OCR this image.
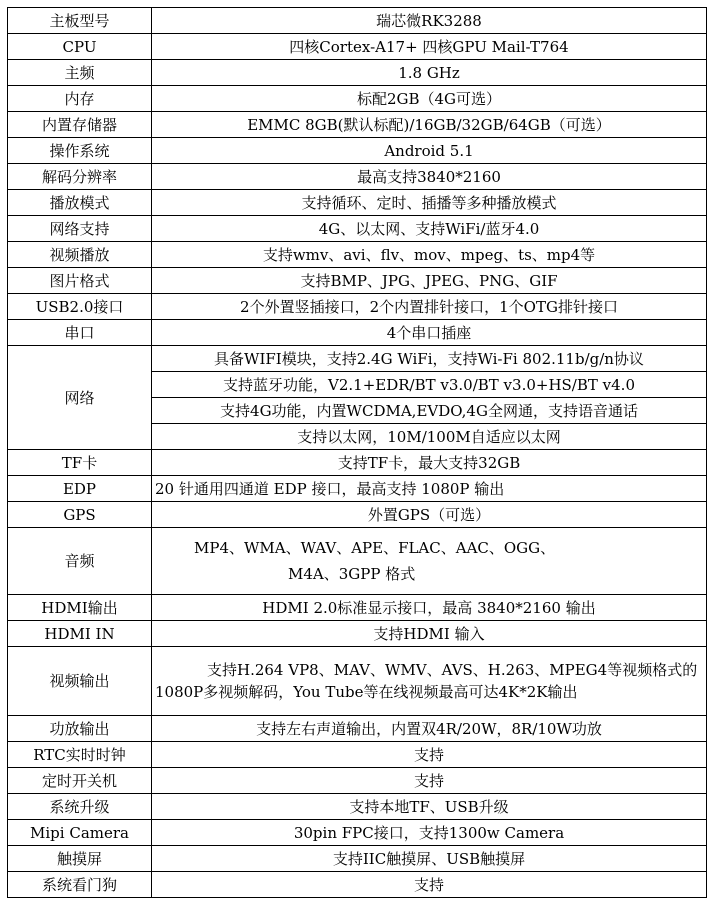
主板型号	瑞芯微RK3288
CPU	四核Cortex-A17+ 四核GPU Mail-T764
主频	1.8 GHz
内存	标配2GB（4G可选）
内置存储器	EMMC 8GB(默认标配)/16GB/32GB/64GB（可选）
操作系统	Android 5.1
解码分辨率	最高支持3840*2160
播放模式	支持循环、定时、插播等多种播放模式
网络支持	4G、以太网、支持WiFi/蓝牙4.0
视频播放	支持wmv、avi、flv、mov、mpeg、ts、mp4等
图片格式	支持BMP、JPG、JPEG、PNG、GIF
USB2.0接口	2个外置竖插接口，2个内置排针接口，1个OTG排针接口
串口	4个串口插座
网络	具备WIFI模块，支持2.4G WiFi，支持Wi-Fi 802.11b/g/n协议
	支持蓝牙功能，V2.1+EDR/BT v3.0/BT v3.0+HS/BT v4.0
	支持4G功能，内置WCDMA,EVDO,4G全网通，支持语音通话
	支持以太网，10M/100M自适应以太网
TF卡	支持TF卡，最大支持32GB
EDP	20 针通用四通道 EDP 接口，最高支持 1080P 输出
GPS	外置GPS（可选）
音频	MP4、WMA、WAV、APE、FLAC、AAC、OGG、
M4A、3GPP 格式

HDMI输出	HDMI 2.0标准显示接口，最高 3840*2160 输出
HDMI IN	支持HDMI 输入
视频输出	支持H.264 VP8、MAV、WMV、AVS、H.263、MPEG4等视频格式的1080P多视频解码，You Tube等在线视频最高可达4K*2K输出
功放输出	支持左右声道输出，内置双4R/20W，8R/10W功放
RTC实时时钟	支持
定时开关机	支持
系统升级	支持本地TF、USB升级
Mipi Camera	30pin FPC接口，支持1300w Camera
触摸屏	支持IIC触摸屏、USB触摸屏
系统看门狗	支持
